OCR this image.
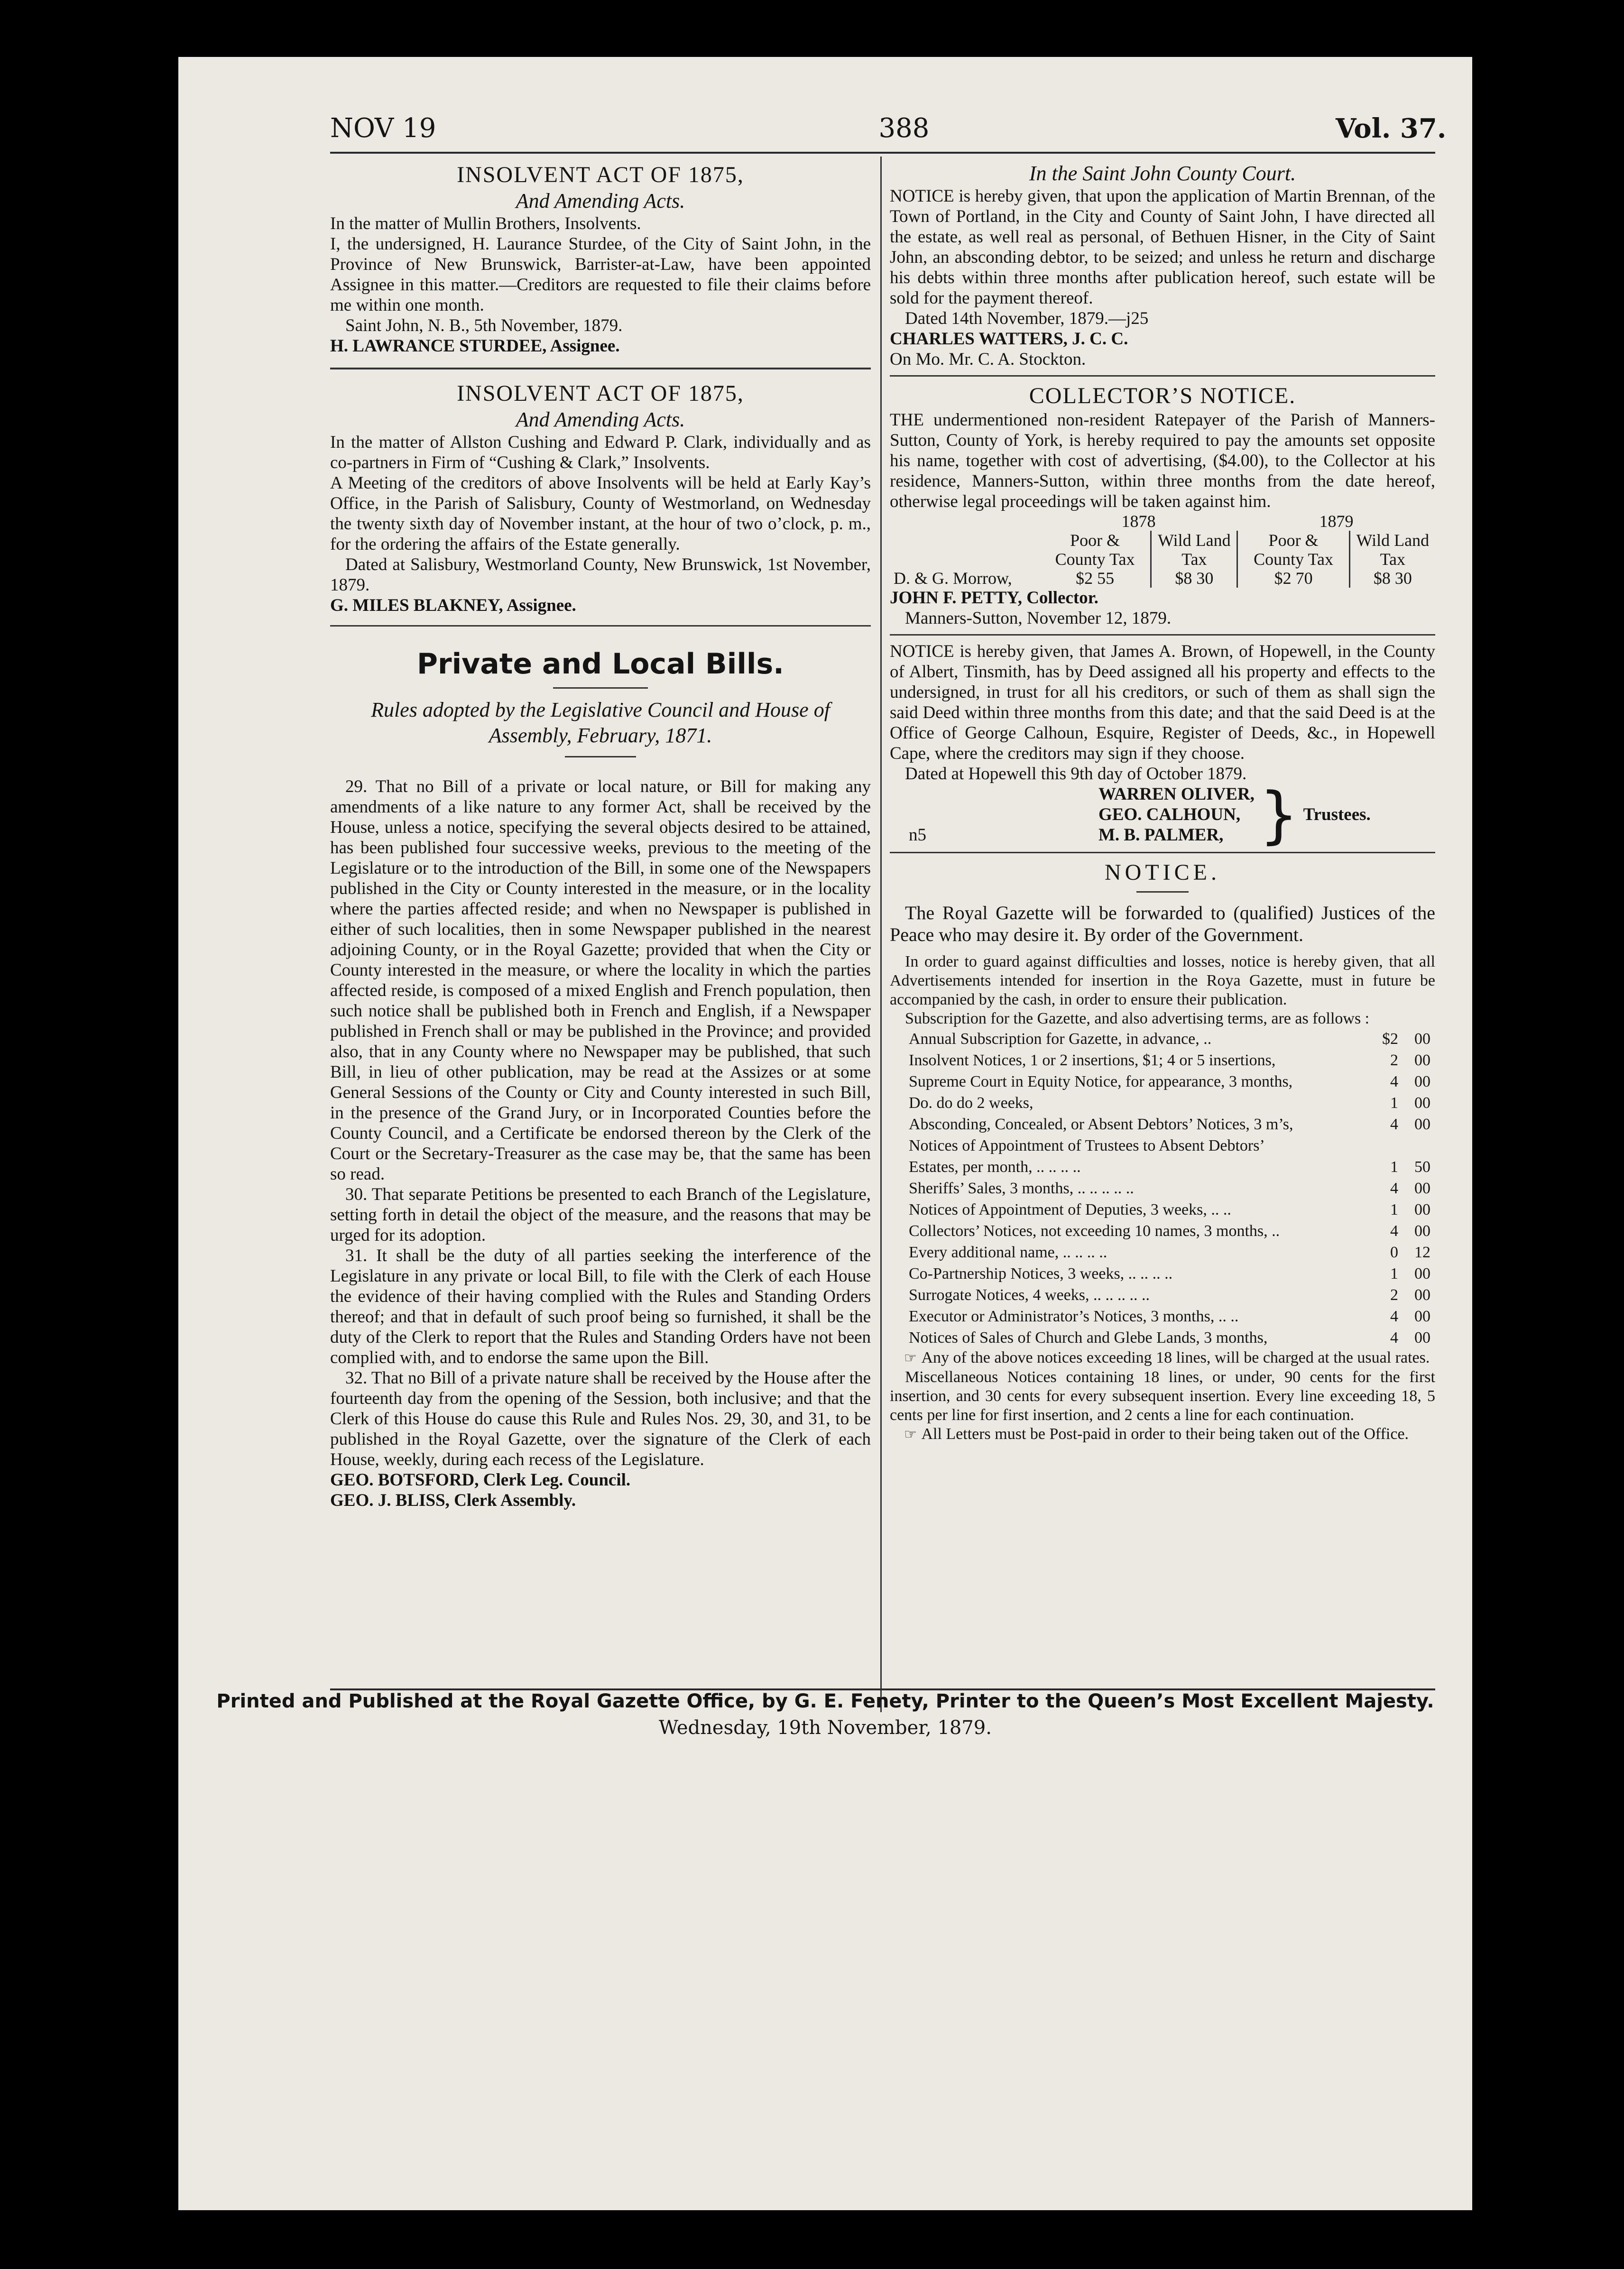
NOV 19	388	Vol. 37.
INSOLVENT ACT OF 1875,
And Amending Acts.

In the matter of Mullin Brothers, Insolvents.

I, the undersigned, H. Laurance Sturdee, of the City of Saint John, in the Province of New Brunswick, Barrister-at-Law, have been appointed Assignee in this matter.—Creditors are requested to file their claims before me within one month.

Saint John, N. B., 5th November, 1879.

H. LAWRANCE STURDEE, Assignee.

INSOLVENT ACT OF 1875,
And Amending Acts.

In the matter of Allston Cushing and Edward P. Clark, individually and as co-partners in Firm of “Cushing & Clark,” Insolvents.

A Meeting of the creditors of above Insolvents will be held at Early Kay’s Office, in the Parish of Salisbury, County of Westmorland, on Wednesday the twenty sixth day of November instant, at the hour of two o’clock, p. m., for the ordering the affairs of the Estate generally.

Dated at Salisbury, Westmorland County, New Brunswick, 1st November, 1879.

G. MILES BLAKNEY, Assignee.

Private and Local Bills.
Rules adopted by the Legislative Council and House of Assembly, February, 1871.

29. That no Bill of a private or local nature, or Bill for making any amendments of a like nature to any former Act, shall be received by the House, unless a notice, specifying the several objects desired to be attained, has been published four successive weeks, previous to the meeting of the Legislature or to the introduction of the Bill, in some one of the Newspapers published in the City or County interested in the measure, or in the locality where the parties affected reside; and when no Newspaper is published in either of such localities, then in some Newspaper published in the nearest adjoining County, or in the Royal Gazette; provided that when the City or County interested in the measure, or where the locality in which the parties affected reside, is composed of a mixed English and French population, then such notice shall be published both in French and English, if a Newspaper published in French shall or may be published in the Province; and provided also, that in any County where no Newspaper may be published, that such Bill, in lieu of other publication, may be read at the Assizes or at some General Sessions of the County or City and County interested in such Bill, in the presence of the Grand Jury, or in Incorporated Counties before the County Council, and a Certificate be endorsed thereon by the Clerk of the Court or the Secretary-Treasurer as the case may be, that the same has been so read.

30. That separate Petitions be presented to each Branch of the Legislature, setting forth in detail the object of the measure, and the reasons that may be urged for its adoption.

31. It shall be the duty of all parties seeking the interference of the Legislature in any private or local Bill, to file with the Clerk of each House the evidence of their having complied with the Rules and Standing Orders thereof; and that in default of such proof being so furnished, it shall be the duty of the Clerk to report that the Rules and Standing Orders have not been complied with, and to endorse the same upon the Bill.

32. That no Bill of a private nature shall be received by the House after the fourteenth day from the opening of the Session, both inclusive; and that the Clerk of this House do cause this Rule and Rules Nos. 29, 30, and 31, to be published in the Royal Gazette, over the signature of the Clerk of each House, weekly, during each recess of the Legislature.

GEO. BOTSFORD, Clerk Leg. Council.

GEO. J. BLISS, Clerk Assembly.

In the Saint John County Court.

NOTICE is hereby given, that upon the application of Martin Brennan, of the Town of Portland, in the City and County of Saint John, I have directed all the estate, as well real as personal, of Bethuen Hisner, in the City of Saint John, an absconding debtor, to be seized; and unless he return and discharge his debts within three months after publication hereof, such estate will be sold for the payment thereof.

Dated 14th November, 1879.—j25

CHARLES WATTERS, J. C. C.

On Mo. Mr. C. A. Stockton.

COLLECTOR’S NOTICE.

THE undermentioned non-resident Ratepayer of the Parish of Manners-Sutton, County of York, is hereby required to pay the amounts set opposite his name, together with cost of advertising, ($4.00), to the Collector at his residence, Manners-Sutton, within three months from the date hereof, otherwise legal proceedings will be taken against him.

	1878		1879	
	Poor & County Tax	Wild Land Tax	Poor & County Tax	Wild Land Tax
D. & G. Morrow,	$2 55	$8 30	$2 70	$8 30

JOHN F. PETTY, Collector.

Manners-Sutton, November 12, 1879.

NOTICE is hereby given, that James A. Brown, of Hopewell, in the County of Albert, Tinsmith, has by Deed assigned all his property and effects to the undersigned, in trust for all his creditors, or such of them as shall sign the said Deed within three months from this date; and that the said Deed is at the Office of George Calhoun, Esquire, Register of Deeds, &c., in Hopewell Cape, where the creditors may sign if they choose.

Dated at Hopewell this 9th day of October 1879.

n5
WARREN OLIVER,
GEO. CALHOUN,
M. B. PALMER, } Trustees.
NOTICE.

The Royal Gazette will be forwarded to (qualified) Justices of the Peace who may desire it. By order of the Government.

In order to guard against difficulties and losses, notice is hereby given, that all Advertisements intended for insertion in the Roya Gazette, must in future be accompanied by the cash, in order to ensure their publication.

Subscription for the Gazette, and also advertising terms, are as follows :

Annual Subscription for Gazette, in advance, ..	$2	00
Insolvent Notices, 1 or 2 insertions, $1; 4 or 5 insertions,	2	00
Supreme Court in Equity Notice, for appearance, 3 months,	4	00
Do. do do 2 weeks,	1	00
Absconding, Concealed, or Absent Debtors’ Notices, 3 m’s,	4	00
Notices of Appointment of Trustees to Absent Debtors’
Estates, per month, .. .. .. ..	1	50
Sheriffs’ Sales, 3 months, .. .. .. .. ..	4	00
Notices of Appointment of Deputies, 3 weeks, .. ..	1	00
Collectors’ Notices, not exceeding 10 names, 3 months, ..	4	00
Every additional name, .. .. .. ..	0	12
Co-Partnership Notices, 3 weeks, .. .. .. ..	1	00
Surrogate Notices, 4 weeks, .. .. .. .. ..	2	00
Executor or Administrator’s Notices, 3 months, .. ..	4	00
Notices of Sales of Church and Glebe Lands, 3 months,	4	00

☞ Any of the above notices exceeding 18 lines, will be charged at the usual rates.

Miscellaneous Notices containing 18 lines, or under, 90 cents for the first insertion, and 30 cents for every subsequent insertion. Every line exceeding 18, 5 cents per line for first insertion, and 2 cents a line for each continuation.

☞ All Letters must be Post-paid in order to their being taken out of the Office.

Printed and Published at the Royal Gazette Office, by G. E. Fenety, Printer to the Queen’s Most Excellent Majesty.
Wednesday, 19th November, 1879.
